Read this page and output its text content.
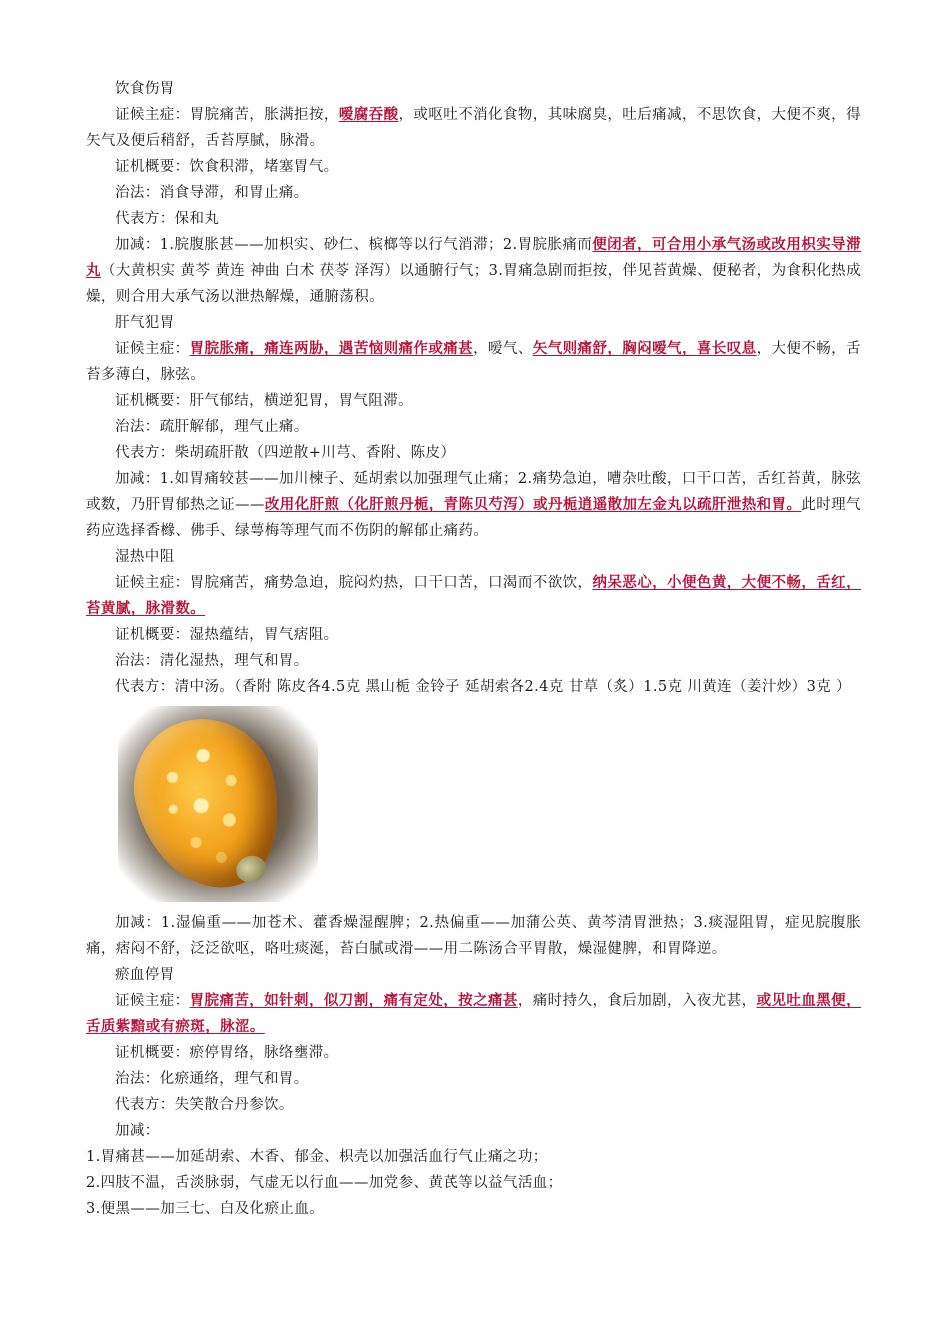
饮食伤胃

证候主症：胃脘痛苦，胀满拒按，嗳腐吞酸，或呕吐不消化食物，其味腐臭，吐后痛减，不思饮食，大便不爽，得矢气及便后稍舒，舌苔厚腻，脉滑。

证机概要：饮食积滞，堵塞胃气。

治法：消食导滞，和胃止痛。

代表方：保和丸

加减：1.脘腹胀甚——加枳实、砂仁、槟榔等以行气消滞；2.胃脘胀痛而便闭者，可合用小承气汤或改用枳实导滞丸（大黄枳实 黄芩 黄连 神曲 白术 茯苓 泽泻）以通腑行气；3.胃痛急剧而拒按，伴见苔黄燥、便秘者，为食积化热成燥，则合用大承气汤以泄热解燥，通腑荡积。

肝气犯胃

证候主症：胃脘胀痛，痛连两胁，遇苦恼则痛作或痛甚，嗳气、矢气则痛舒，胸闷嗳气，喜长叹息，大便不畅，舌苔多薄白，脉弦。

证机概要：肝气郁结，横逆犯胃，胃气阻滞。

治法：疏肝解郁，理气止痛。

代表方：柴胡疏肝散（四逆散+川芎、香附、陈皮）

加减：1.如胃痛较甚——加川楝子、延胡索以加强理气止痛；2.痛势急迫，嘈杂吐酸，口干口苦，舌红苔黄，脉弦或数，乃肝胃郁热之证——改用化肝煎（化肝煎丹栀，青陈贝芍泻）或丹栀逍遥散加左金丸以疏肝泄热和胃。此时理气药应选择香橼、佛手、绿萼梅等理气而不伤阴的解郁止痛药。

湿热中阻

证候主症：胃脘痛苦，痛势急迫，脘闷灼热，口干口苦，口渴而不欲饮，纳呆恶心，小便色黄，大便不畅，舌红，苔黄腻，脉滑数。

证机概要：湿热蕴结，胃气痞阻。

治法：清化湿热，理气和胃。

代表方：清中汤。（香附 陈皮各4.5克 黑山栀 金铃子 延胡索各2.4克 甘草（炙）1.5克 川黄连（姜汁炒）3克 ）

加减：1.湿偏重——加苍术、藿香燥湿醒脾；2.热偏重——加蒲公英、黄芩清胃泄热；3.痰湿阻胃，症见脘腹胀痛，痞闷不舒，泛泛欲呕，咯吐痰涎，苔白腻或滑——用二陈汤合平胃散，燥湿健脾，和胃降逆。

瘀血停胃

证候主症：胃脘痛苦，如针刺，似刀割，痛有定处，按之痛甚，痛时持久，食后加剧，入夜尤甚，或见吐血黑便，舌质紫黯或有瘀斑，脉涩。

证机概要：瘀停胃络，脉络壅滞。

治法：化瘀通络，理气和胃。

代表方：失笑散合丹参饮。

加减：

1.胃痛甚——加延胡索、木香、郁金、枳壳以加强活血行气止痛之功；

2.四肢不温，舌淡脉弱，气虚无以行血——加党参、黄芪等以益气活血；

3.便黑——加三七、白及化瘀止血。
